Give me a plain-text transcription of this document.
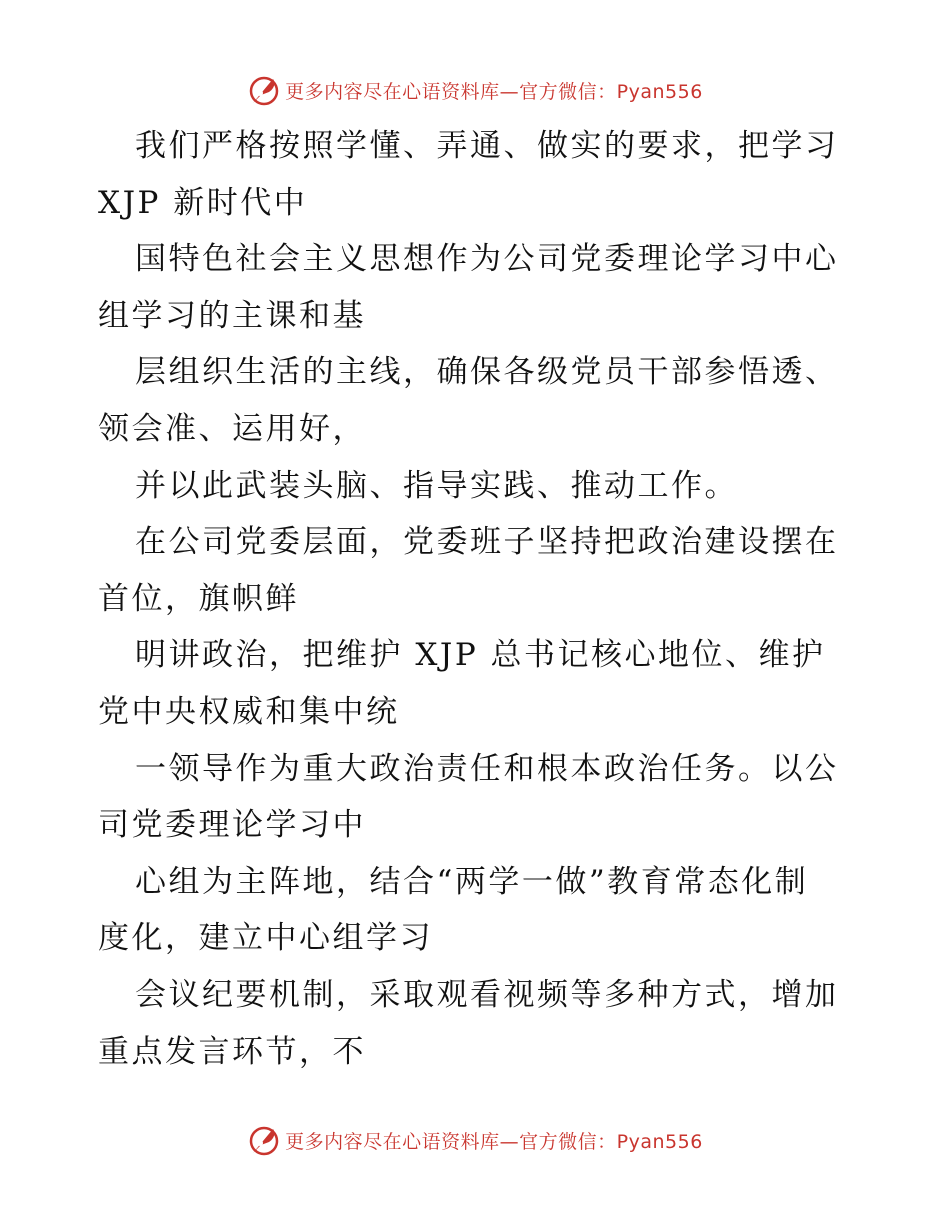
更多内容尽在心语资料库—官方微信：Pyan556
我们严格按照学懂、弄通、做实的要求，把学习
XJP 新时代中
国特色社会主义思想作为公司党委理论学习中心
组学习的主课和基
层组织生活的主线，确保各级党员干部参悟透、
领会准、运用好，
并以此武装头脑、指导实践、推动工作。
在公司党委层面，党委班子坚持把政治建设摆在
首位，旗帜鲜
明讲政治，把维护 XJP 总书记核心地位、维护
党中央权威和集中统
一领导作为重大政治责任和根本政治任务。以公
司党委理论学习中
心组为主阵地，结合“两学一做”教育常态化制
度化，建立中心组学习
会议纪要机制，采取观看视频等多种方式，增加
重点发言环节，不
更多内容尽在心语资料库—官方微信：Pyan556
